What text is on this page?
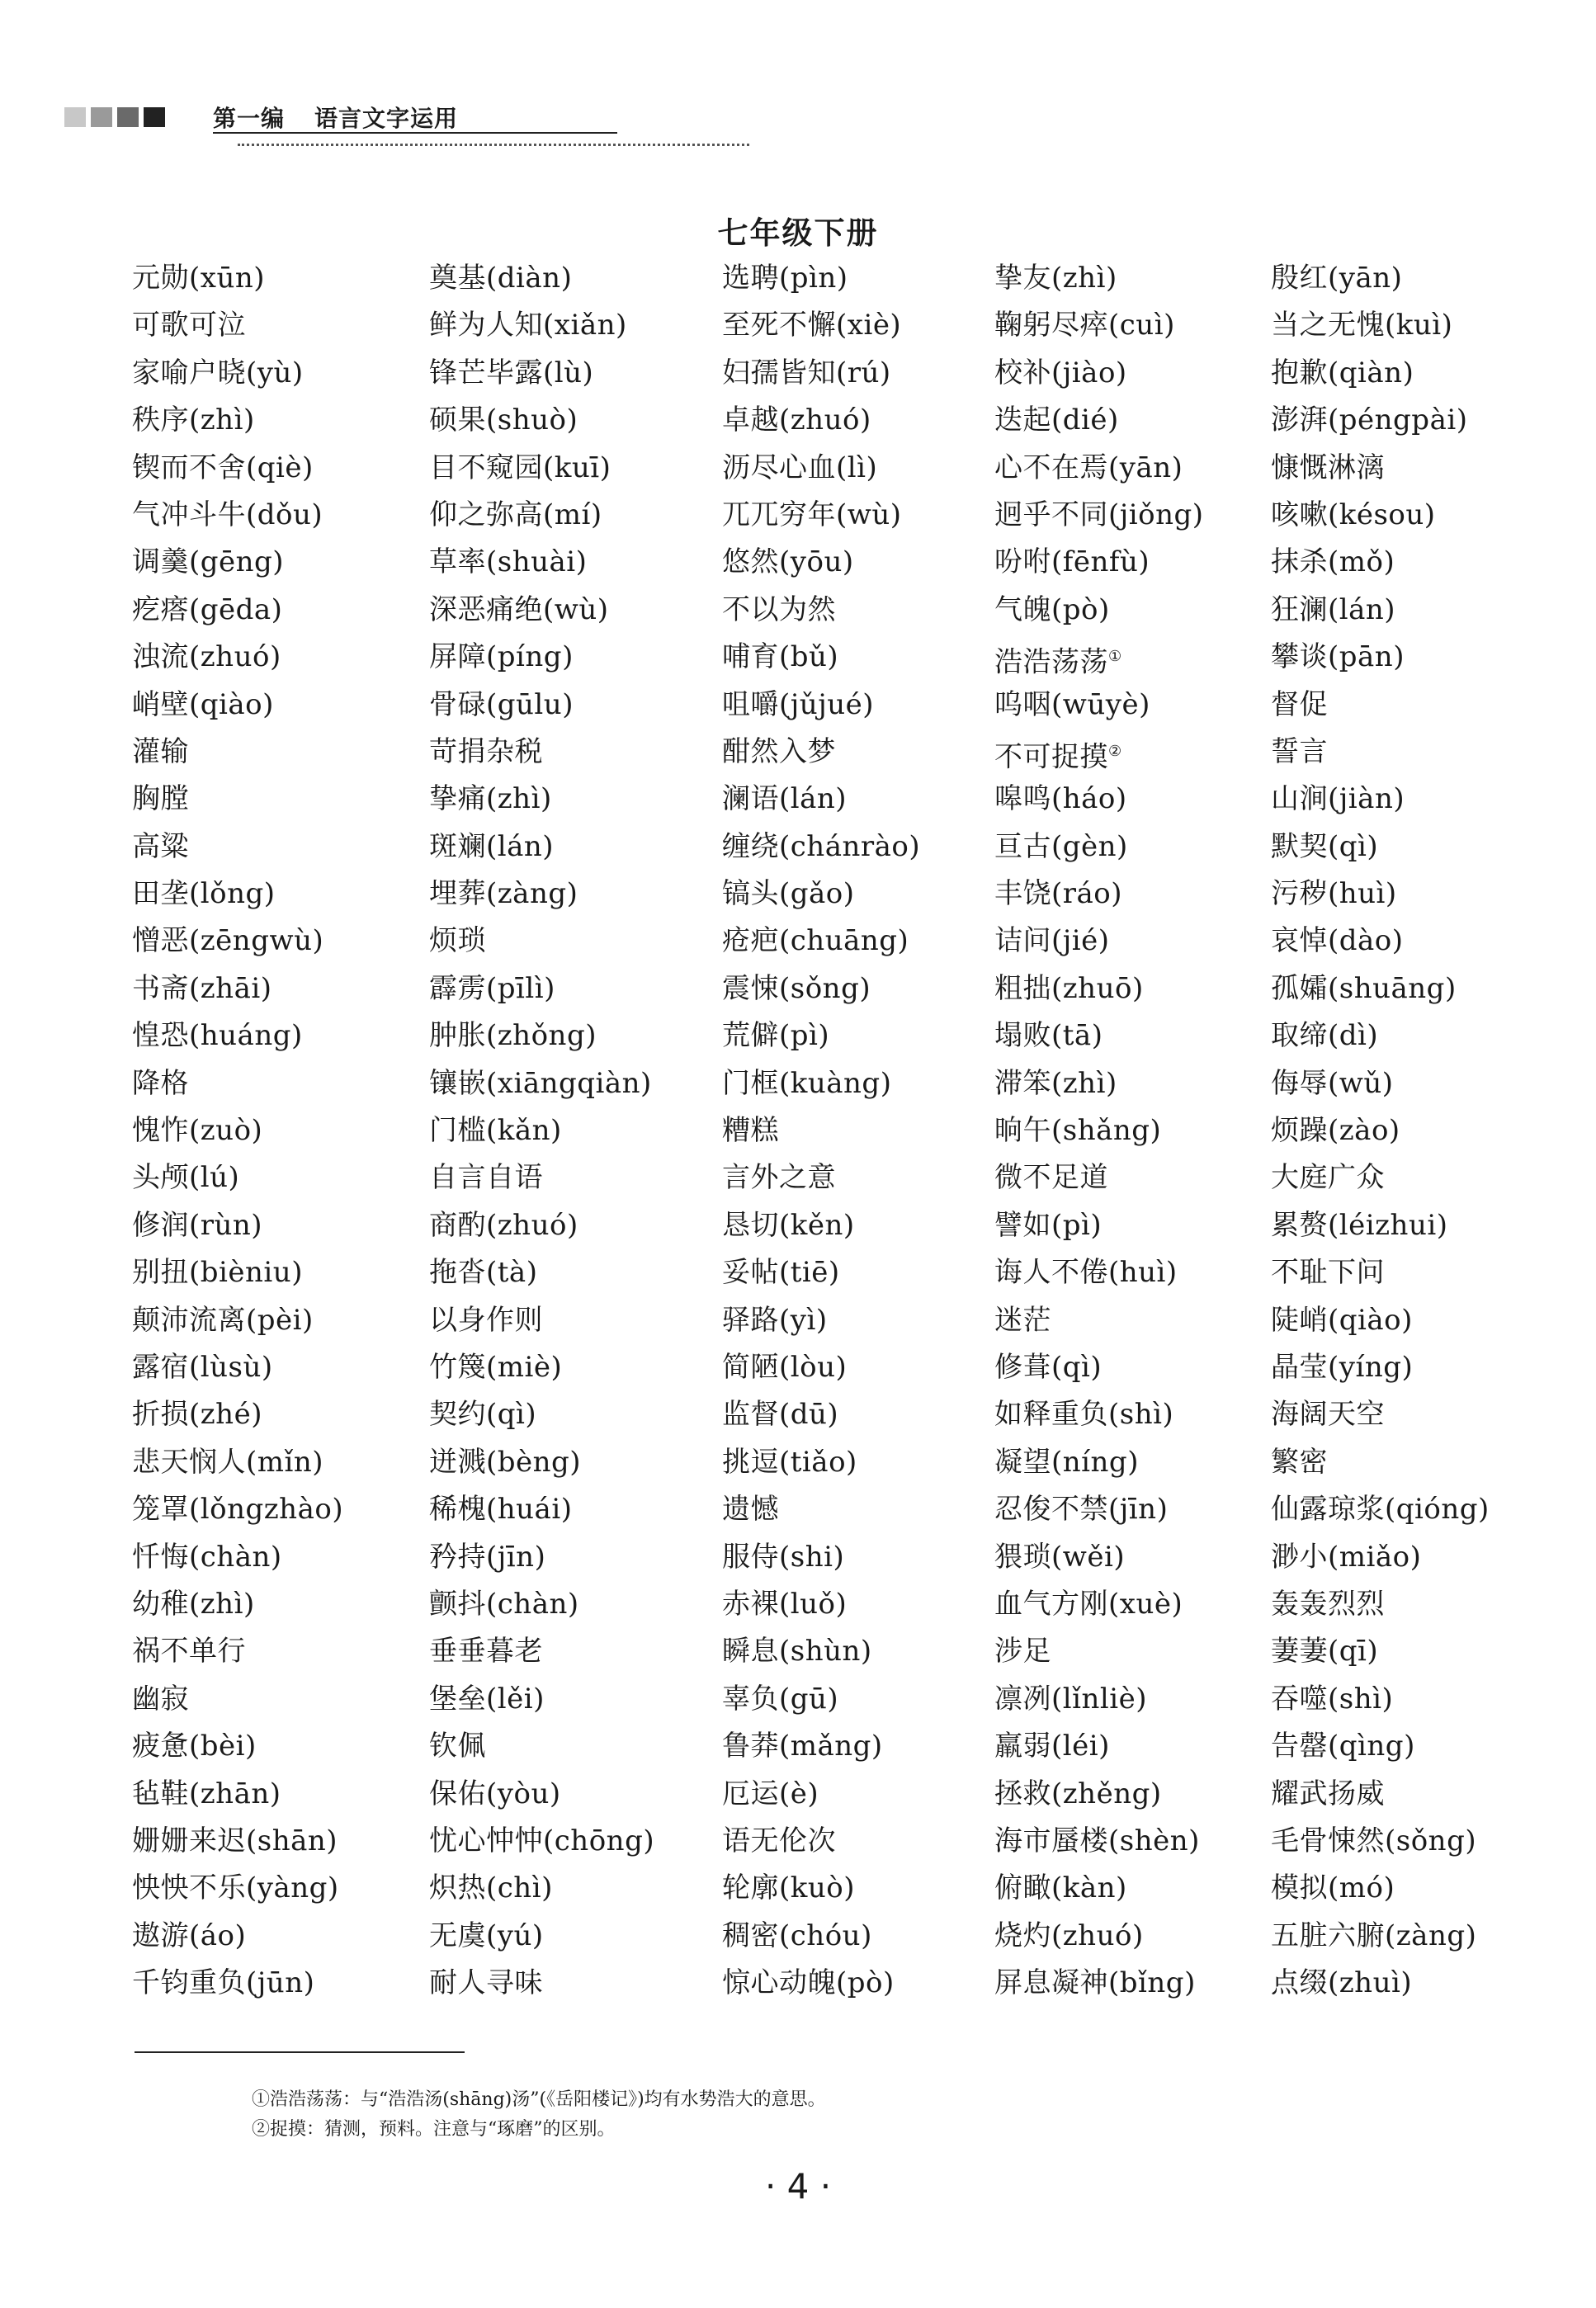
第一编 语言文字运用
七年级下册
元勋(xūn)	奠基(diàn)	选聘(pìn)	挚友(zhì)	殷红(yān)
可歌可泣	鲜为人知(xiǎn)	至死不懈(xiè)	鞠躬尽瘁(cuì)	当之无愧(kuì)
家喻户晓(yù)	锋芒毕露(lù)	妇孺皆知(rú)	校补(jiào)	抱歉(qiàn)
秩序(zhì)	硕果(shuò)	卓越(zhuó)	迭起(dié)	澎湃(péngpài)
锲而不舍(qiè)	目不窥园(kuī)	沥尽心血(lì)	心不在焉(yān)	慷慨淋漓
气冲斗牛(dǒu)	仰之弥高(mí)	兀兀穷年(wù)	迥乎不同(jiǒng)	咳嗽(késou)
调羹(gēng)	草率(shuài)	悠然(yōu)	吩咐(fēnfù)	抹杀(mǒ)
疙瘩(gēda)	深恶痛绝(wù)	不以为然	气魄(pò)	狂澜(lán)
浊流(zhuó)	屏障(píng)	哺育(bǔ)	浩浩荡荡①	攀谈(pān)
峭壁(qiào)	骨碌(gūlu)	咀嚼(jǔjué)	呜咽(wūyè)	督促
灌输	苛捐杂税	酣然入梦	不可捉摸②	誓言
胸膛	挚痛(zhì)	澜语(lán)	嗥鸣(háo)	山涧(jiàn)
高粱	斑斓(lán)	缠绕(chánrào)	亘古(gèn)	默契(qì)
田垄(lǒng)	埋葬(zàng)	镐头(gǎo)	丰饶(ráo)	污秽(huì)
憎恶(zēngwù)	烦琐	疮疤(chuāng)	诘问(jié)	哀悼(dào)
书斋(zhāi)	霹雳(pīlì)	震悚(sǒng)	粗拙(zhuō)	孤孀(shuāng)
惶恐(huáng)	肿胀(zhǒng)	荒僻(pì)	塌败(tā)	取缔(dì)
降格	镶嵌(xiāngqiàn)	门框(kuàng)	滞笨(zhì)	侮辱(wǔ)
愧怍(zuò)	门槛(kǎn)	糟糕	晌午(shǎng)	烦躁(zào)
头颅(lú)	自言自语	言外之意	微不足道	大庭广众
修润(rùn)	商酌(zhuó)	恳切(kěn)	譬如(pì)	累赘(léizhui)
别扭(bièniu)	拖沓(tà)	妥帖(tiē)	诲人不倦(huì)	不耻下问
颠沛流离(pèi)	以身作则	驿路(yì)	迷茫	陡峭(qiào)
露宿(lùsù)	竹篾(miè)	简陋(lòu)	修葺(qì)	晶莹(yíng)
折损(zhé)	契约(qì)	监督(dū)	如释重负(shì)	海阔天空
悲天悯人(mǐn)	迸溅(bèng)	挑逗(tiǎo)	凝望(níng)	繁密
笼罩(lǒngzhào)	稀槐(huái)	遗憾	忍俊不禁(jīn)	仙露琼浆(qióng)
忏悔(chàn)	矜持(jīn)	服侍(shi)	猥琐(wěi)	渺小(miǎo)
幼稚(zhì)	颤抖(chàn)	赤裸(luǒ)	血气方刚(xuè)	轰轰烈烈
祸不单行	垂垂暮老	瞬息(shùn)	涉足	萋萋(qī)
幽寂	堡垒(lěi)	辜负(gū)	凛冽(lǐnliè)	吞噬(shì)
疲惫(bèi)	钦佩	鲁莽(mǎng)	羸弱(léi)	告罄(qìng)
毡鞋(zhān)	保佑(yòu)	厄运(è)	拯救(zhěng)	耀武扬威
姗姗来迟(shān)	忧心忡忡(chōng)	语无伦次	海市蜃楼(shèn)	毛骨悚然(sǒng)
怏怏不乐(yàng)	炽热(chì)	轮廓(kuò)	俯瞰(kàn)	模拟(mó)
遨游(áo)	无虞(yú)	稠密(chóu)	烧灼(zhuó)	五脏六腑(zàng)
千钧重负(jūn)	耐人寻味	惊心动魄(pò)	屏息凝神(bǐng)	点缀(zhuì)
①浩浩荡荡：与“浩浩汤(shāng)汤”(《岳阳楼记》)均有水势浩大的意思。
②捉摸：猜测，预料。注意与“琢磨”的区别。
· 4 ·
